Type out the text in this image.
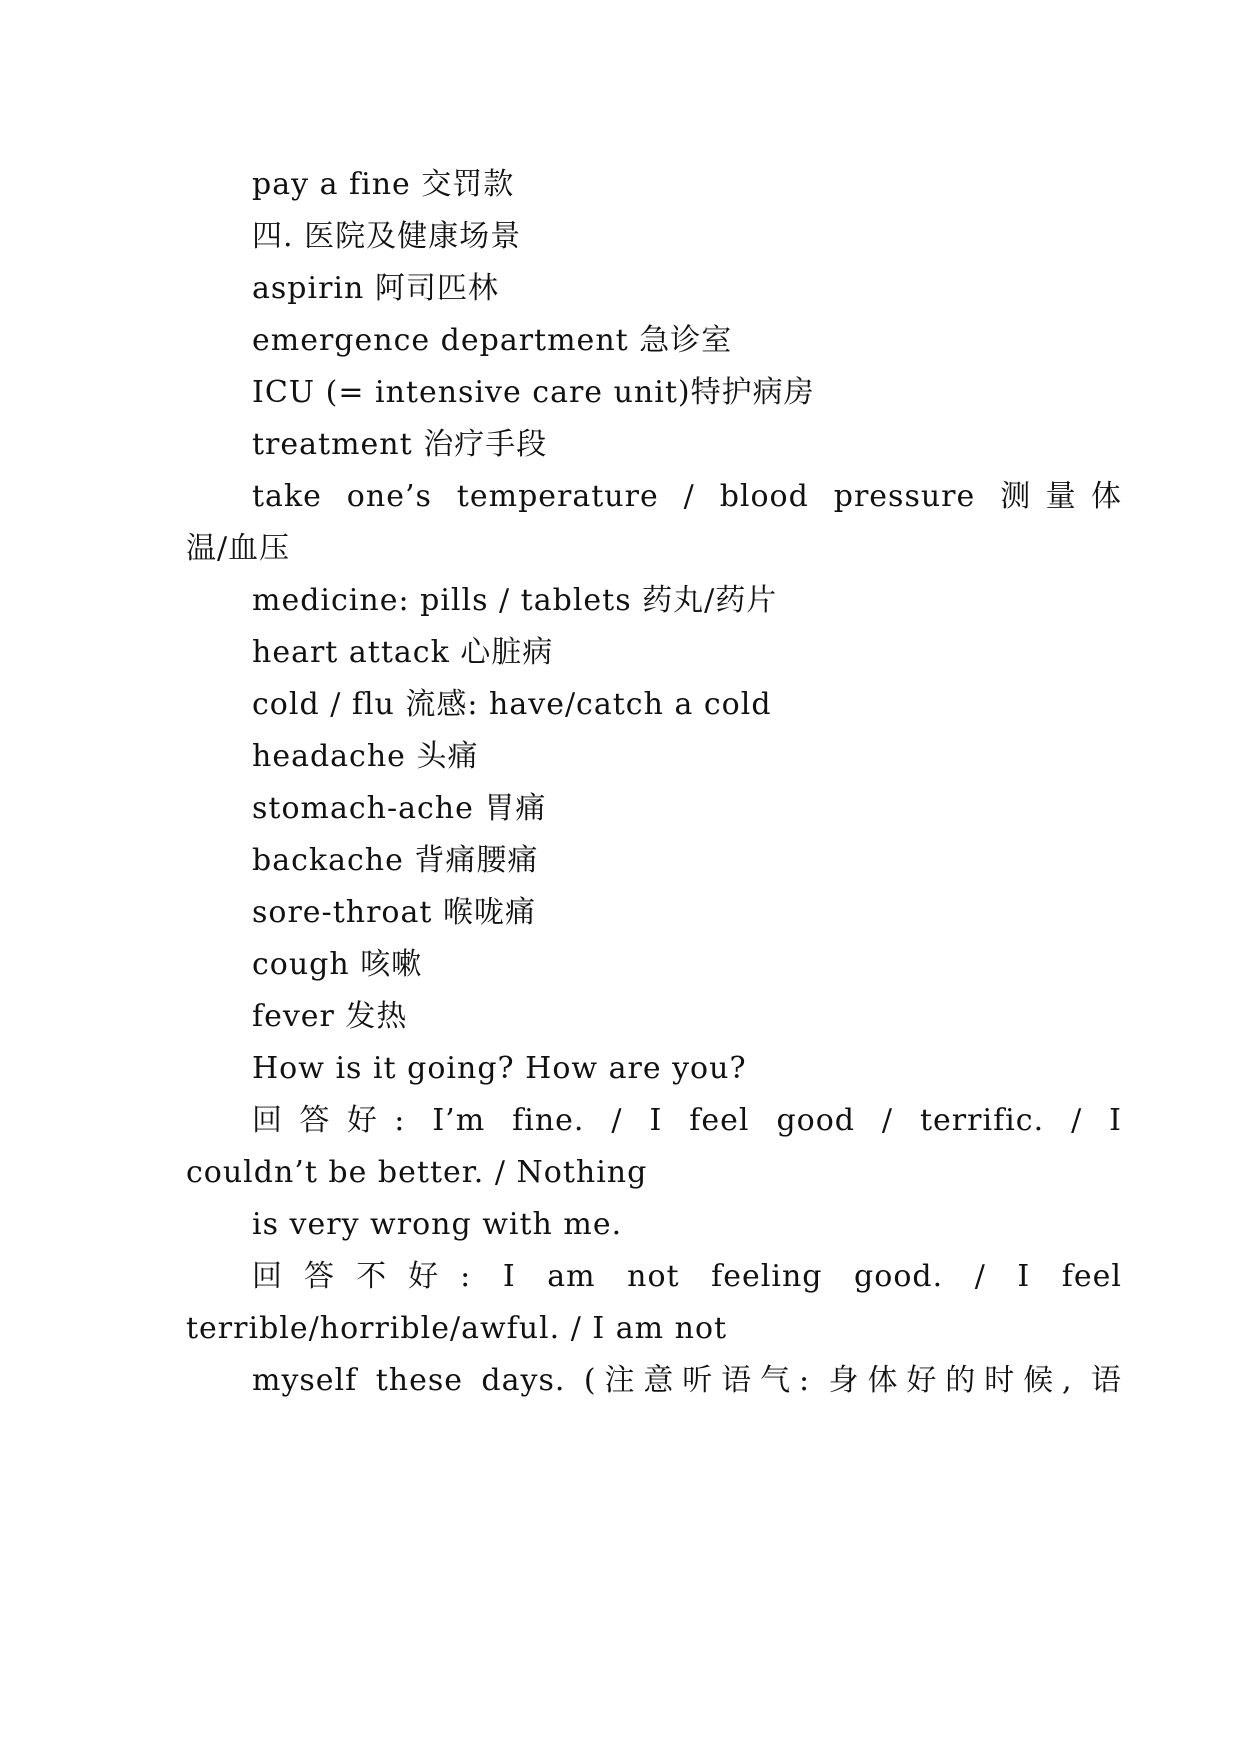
pay a fine 交罚款
四. 医院及健康场景
aspirin 阿司匹林
emergence department 急诊室
ICU (= intensive care unit)特护病房
treatment 治疗手段
take one’s temperature / blood pressure 测量体
温/血压
medicine: pills / tablets 药丸/药片
heart attack 心脏病
cold / flu 流感: have/catch a cold
headache 头痛
stomach-ache 胃痛
backache 背痛腰痛
sore-throat 喉咙痛
cough 咳嗽
fever 发热
How is it going? How are you?
回答好: I’m fine. / I feel good / terrific. / I
couldn’t be better. / Nothing
is very wrong with me.
回答不好: I am not feeling good. / I feel
terrible/horrible/awful. / I am not
myself these days. (注意听语气: 身体好的时候, 语
